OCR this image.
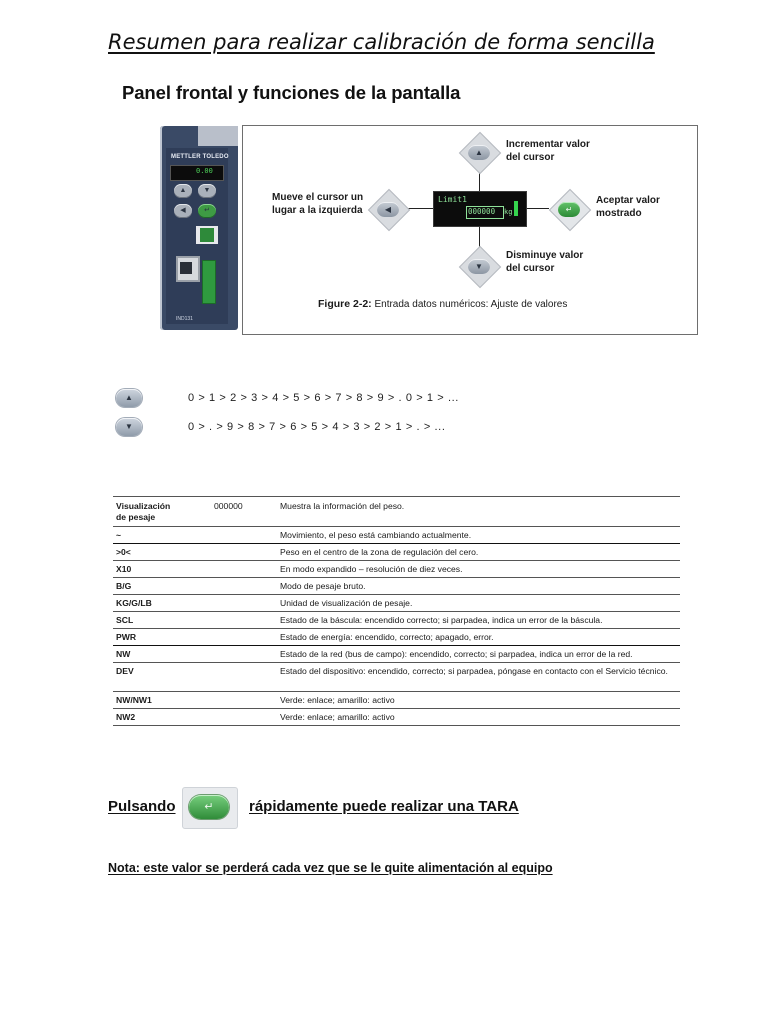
Resumen para realizar calibración de forma sencilla
Panel frontal y funciones de la pantalla
METTLER TOLEDO
0.00
▲	▼
◀	↵
IND131
▲
▼
◀	↵
Limit1
000000 kg
Incrementar valor
del cursor
Mueve el cursor un
lugar a la izquierda
Aceptar valor
mostrado
Disminuye valor
del cursor
Figure 2-2: Entrada datos numéricos: Ajuste de valores
▲	0 > 1 > 2 > 3 > 4 > 5 > 6 > 7 > 8 > 9 > . 0 > 1 > ...
▼	0 > . > 9 > 8 > 7 > 6 > 5 > 4 > 3 > 2 > 1 > . > ...
Visualización
de pesaje	000000	Muestra la información del peso.
~		Movimiento, el peso está cambiando actualmente.
>0<		Peso en el centro de la zona de regulación del cero.
X10		En modo expandido – resolución de diez veces.
B/G		Modo de pesaje bruto.
KG/G/LB		Unidad de visualización de pesaje.
SCL		Estado de la báscula: encendido correcto; si parpadea, indica un error de la báscula.
PWR		Estado de energía: encendido, correcto; apagado, error.
NW		Estado de la red (bus de campo): encendido, correcto; si parpadea, indica un error de la red.
DEV		Estado del dispositivo: encendido, correcto; si parpadea, póngase en contacto con el Servicio técnico.
NW/NW1		Verde: enlace; amarillo: activo
NW2		Verde: enlace; amarillo: activo
Pulsando	↵	rápidamente puede realizar una TARA
Nota: este valor se perderá cada vez que se le quite alimentación al equipo
